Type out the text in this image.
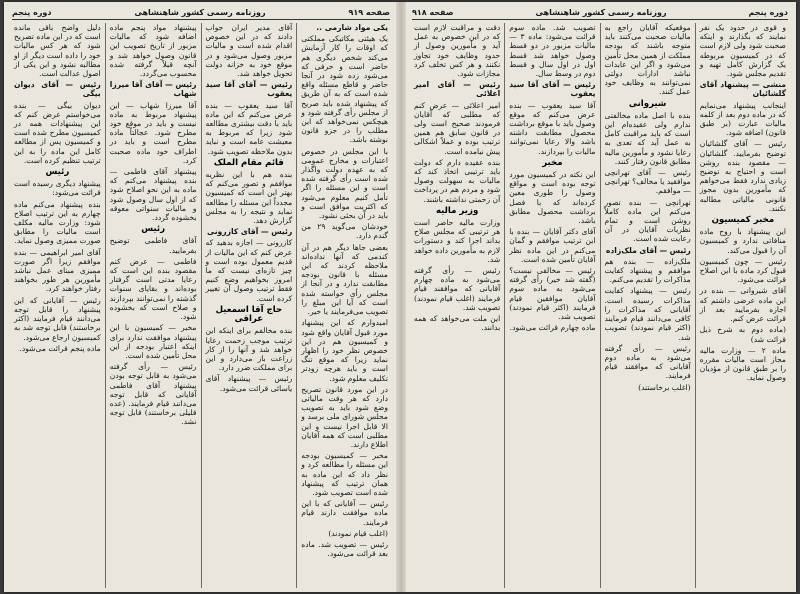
صفحه ۹۱۹
روزنامه رسمی کشور شاهنشاهی
دوره پنجم

یکی مواد شارمی ..

یک هیئتی مکاتیکی مملکتی که اوقات را کار آزمایش می‌کند شخص دیگری هم حاضر است و حرفی که می‌شود زده شود در آنجا حاضر و قاطع مسئله واقع شده است که به آن طریق که پیشنهاد شده باید صریح از مجلس رأی گرفته شود و هیچکس نمی‌خواهد که این مطلب را در جزو قانون نوشته باشد.

با این مجلس در خصوص اعتبارات و مخارج عمومی که به عهده دولت واگذار شده است رأی گرفته شده است و این مسئله را اگر تأمل کنیم معلوم می‌شود که اکثریت موافق است و باید در آن بحثی نشود.

خودشان می‌گوید ۲۹ من گندم دارد.

بعضی جاها دیگر هم در آن کندمی که آنها نداده‌اند ملاحظه کردند که این مسئله با قانون بودجه مطابقت ندارد و در آنجا از مجلس رأی خواسته شده است که آیا این مبلغ را تصویب می‌فرمایند یا خیر.

امیدوارم که این پیشنهاد مورد قبول آقایان واقع شود و کمیسیون هم در این خصوص نظر خود را اظهار نماید زیرا که موقع تنگ است و باید هرچه زودتر تکلیف معلوم شود.

در این مورد قانون تصریح دارد که هر وقت مالیاتی وضع شود باید به تصویب مجلس شورای ملی برسد و الا قابل اجرا نیست و این مطلبی است که همه آقایان اطلاع دارند.

مخبر — کمیسیون بودجه این مسئله را مطالعه کرد و نظر داد که این ماده به همان ترتیب که پیشنهاد شده است تصویب شود.

رئیس — آقایانی که با این ماده موافقت دارند قیام فرمایند.

(اغلب قیام نمودند)

رئیس — تصویب شد. ماده بعد قرائت می‌شود.

آقای مدیر ایران جواب دادند که در این خصوص اقدام شده است و مالیات مزبور وصول می‌شود و در موقع خود به خزانه دولت تحویل خواهد شد.

رئیس — آقای آقا سید یعقوب

آقا سید یعقوب — بنده عرض می‌کنم که این ماده باید با دقت بیشتری مطالعه شود زیرا که مربوط به معیشت عامه است و نباید بدون ملاحظه تصویب شود.

قائم مقام الملک

بنده هم با این نظریه موافقم و تصور می‌کنم که بهتر این است که کمیسیون مجدداً این مسئله را مطالعه نماید و نتیجه را به مجلس گزارش دهد.

رئیس — آقای کازرونی

کازرونی — اجازه بدهید که عرض کنم که این مالیات از قدیم معمول بوده است و چیز تازه‌ای نیست که ما امروز بخواهیم وضع کنیم فقط ترتیب وصول آن تغییر کرده است.

حاج آقا اسمعیل عراقی

بنده مخالفم برای اینکه این ترتیب موجب زحمت رعایا خواهد شد و آنها را از کار زراعت باز می‌دارد و این برای مملکت ضرر دارد.

رئیس — پیشنهاد آقای یاسائی قرائت می‌شود.

پیشنهاد مواد پنجم ماده اضافه شود که مالیات مزبور از تاریخ تصویب این قانون وصول خواهد شد و آنچه قبلاً گرفته شده محسوب می‌گردد.

رئیس — آقای آقا میرزا شهاب

آقا میرزا شهاب — این پیشنهاد مربوط به ماده نیست و باید در موقع خود مطرح شود. عجالتاً ماده مطرح است و باید در اطراف خود ماده صحبت کرد.

پیشنهاد آقای فاطمی — بنده پیشنهاد می‌کنم که ماده به این نحو اصلاح شود که از اول سال وصول شود و مالیات سنواتی معوقه بخشوده گردد.

رئیس

آقای فاطمی توضیح بفرمایید.

فاطمی — عرض کنم مقصود بنده این است که رعایا مدتی است گرفتار بوده‌اند و بقایای سنوات گذشته را نمی‌توانند بپردازند و صلاح است که بخشوده شود.

مخبر — کمیسیون با این پیشنهاد موافقت ندارد برای اینکه اعتبار بودجه از این محل تأمین شده است.

رئیس — رأی گرفته می‌شود به قابل توجه بودن پیشنهاد آقای فاطمی آقایانی که قابل توجه می‌دانند قیام فرمایند. (عده قلیلی برخاستند) قابل توجه نشد.

دلیل واضح باقی مانده است که در این ماده تصریح شود که هر کس مالیات خود را داده است دیگر از او مطالبه نشود و این یکی از اصول عدالت است.

رئیس — آقای دیوان بیگی

دیوان بیگی — بنده می‌خواستم عرض کنم که این پیشنهادات همه در کمیسیون مطرح شده است و کمیسیون پس از مطالعه کامل این ماده را به این ترتیب تنظیم کرده است.

رئیس

پیشنهاد دیگری رسیده است قرائت می‌شود:

بنده پیشنهاد می‌کنم ماده چهارم به این ترتیب اصلاح شود: وزارت مالیه مکلف است مالیات را مطابق صورت ممیزی وصول نماید.

آقای امیر ابراهیمی — بنده موافقم زیرا اگر صورت ممیزی مبنای عمل نباشد مأمورین هر طور بخواهند رفتار خواهند کرد.

رئیس — آقایانی که این پیشنهاد را قابل توجه می‌دانند قیام فرمایند (اکثر برخاستند) قابل توجه شد به کمیسیون ارجاع می‌شود.

ماده پنجم قرائت می‌شود.

دوره پنجم
روزنامه رسمی کشور شاهنشاهی
صفحه ۹۱۸

و قوی در حدود یک نفر نمایند که بگذارند و اینکه صحبت شود ولی لازم است که در کمیسیون مربوطه یک گزارش کامل تهیه و تقدیم مجلس شود.

منشی — پیشنهاد آقای گلشائیان

اینجانب پیشنهاد می‌نمایم که در ماده دوم بعد از کلمه مالیات عبارت (بر طبق قانون) اضافه شود.

رئیس — آقای گلشائیان توضیح بفرمایید. گلشائیان — مقصود بنده روشن است و احتیاج به توضیح زیادی ندارد فقط می‌خواهم که مأمورین بدون مجوز قانونی مالیاتی مطالبه نکنند.

مخبر کمیسیون

این پیشنهاد با روح ماده منافاتی ندارد و کمیسیون آن را قبول می‌کند.

رئیس — چون کمیسیون قبول کرد ماده با این اصلاح قرائت می‌شود.

آقای شیروانی — بنده در این ماده عرضی داشتم که اجازه بفرمایید بعد از قرائت عرض کنم.

(ماده دوم به شرح ذیل قرائت شد)

ماده ۲ — وزارت مالیه مجاز است مالیات مقرره را بر طبق قانون از مؤدیان وصول نماید.

موقعیکه آقایان راجع به مالیات صحبت می‌کنند باید متوجه باشند که بودجه مملکت از همین محل تأمین می‌شود و اگر این عایدات نباشد ادارات دولتی نمی‌توانند به وظایف خود عمل کنند.

شیروانی

بنده با اصل ماده مخالفتی ندارم ولی عقیده‌ام این است که باید مراقبت کامل به عمل آید که تعدی به رعایا نشود و مأمورین مالیه مطابق قانون رفتار کنند.

رئیس — آقای تهرانچی موافقید یا مخالف؟ تهرانچی — موافقم.

تهرانچی — بنده تصور می‌کنم این ماده کاملاً روشن است و تمام نظریات آقایان در آن رعایت شده است.

رئیس — آقای ملک‌زاده

ملک‌زاده — بنده هم موافقم و پیشنهاد کفایت مذاکرات را تقدیم می‌کنم.

رئیس — پیشنهاد کفایت مذاکرات رسیده است. آقایانی که مذاکرات را کافی می‌دانند قیام فرمایند (اکثر قیام نمودند) تصویب شد.

رئیس — رأی گرفته می‌شود به ماده دوم آقایانی که موافقند قیام فرمایند.

(اغلب برخاستند)

تصویب شد. ماده سوم قرائت می‌شود: ماده ۳ — مالیات مزبور در دو قسط وصول خواهد شد قسط اول در اول سال و قسط دوم در وسط سال.

رئیس — آقای آقا سید یعقوب

آقا سید یعقوب — بنده عرض می‌کنم که موقع وصول باید با موقع برداشت محصول مطابقت داشته باشد والا رعایا نمی‌توانند مالیات را بپردازند.

مخبر

این نکته در کمیسیون مورد توجه بوده است و مواقع وصول را طوری معین کرده‌اند که با فصل برداشت محصول مطابق باشد.

آقای دکتر آقایان — بنده با این ترتیب موافقم و گمان می‌کنم در این ماده نظر آقایان تأمین شده است.

رئیس — مخالفی نیست؟ (گفته شد خیر) رأی گرفته می‌شود به ماده سوم آقایان موافقین قیام فرمایند (اکثر قیام نمودند) تصویب شد.

ماده چهارم قرائت می‌شود.

دقت و مراقبت لازم است که در این خصوص به عمل آید و مأمورین وصول از حدود وظایف خود تجاوز نکنند و هر کس تخلف کرد مجازات شود.

رئیس — آقای امیر اعلائی

امیر اعلائی — عرض کنم که مطلبی که آقایان فرمودند صحیح است ولی در قانون سابق هم همین ترتیب بوده و عملاً اشکالی پیش نیامده است.

بنده عقیده دارم که دولت باید ترتیبی اتخاذ کند که مالیات به سهولت وصول شود و مردم هم در پرداخت آن زحمتی نداشته باشند.

وزیر مالیه

وزارت مالیه حاضر است هر ترتیبی که مجلس صلاح بداند اجرا کند و دستورات لازم به مأمورین داده خواهد شد.

رئیس — رأی گرفته می‌شود به ماده چهارم آقایانی که موافقند قیام فرمایند (اغلب قیام نمودند) تصویب شد.

این ملت می‌خواهد که همه بدانند.
